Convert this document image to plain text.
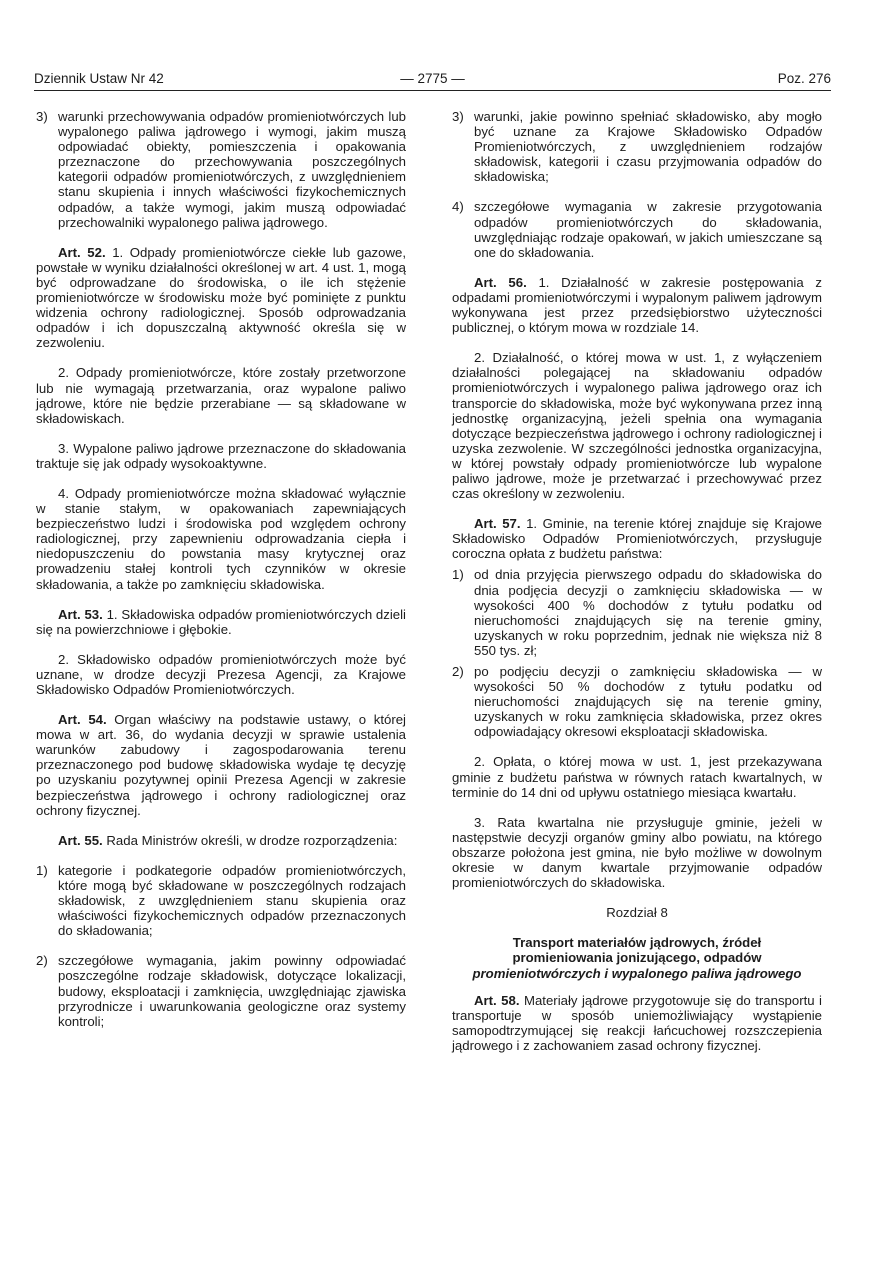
Dziennik Ustaw Nr 42	— 2775 —	Poz. 276
3) warunki przechowywania odpadów promieniotwórczych lub wypalonego paliwa jądrowego i wymogi, jakim muszą odpowiadać obiekty, pomieszczenia i opakowania przeznaczone do przechowywania poszczególnych kategorii odpadów promieniotwórczych, z uwzględnieniem stanu skupienia i innych właściwości fizykochemicznych odpadów, a także wymogi, jakim muszą odpowiadać przechowalniki wypalonego paliwa jądrowego.

Art. 52. 1. Odpady promieniotwórcze ciekłe lub gazowe, powstałe w wyniku działalności określonej w art. 4 ust. 1, mogą być odprowadzane do środowiska, o ile ich stężenie promieniotwórcze w środowisku może być pominięte z punktu widzenia ochrony radiologicznej. Sposób odprowadzania odpadów i ich dopuszczalną aktywność określa się w zezwoleniu.

2. Odpady promieniotwórcze, które zostały przetworzone lub nie wymagają przetwarzania, oraz wypalone paliwo jądrowe, które nie będzie przerabiane — są składowane w składowiskach.

3. Wypalone paliwo jądrowe przeznaczone do składowania traktuje się jak odpady wysokoaktywne.

4. Odpady promieniotwórcze można składować wyłącznie w stanie stałym, w opakowaniach zapewniających bezpieczeństwo ludzi i środowiska pod względem ochrony radiologicznej, przy zapewnieniu odprowadzania ciepła i niedopuszczeniu do powstania masy krytycznej oraz prowadzeniu stałej kontroli tych czynników w okresie składowania, a także po zamknięciu składowiska.

Art. 53. 1. Składowiska odpadów promieniotwórczych dzieli się na powierzchniowe i głębokie.

2. Składowisko odpadów promieniotwórczych może być uznane, w drodze decyzji Prezesa Agencji, za Krajowe Składowisko Odpadów Promieniotwórczych.

Art. 54. Organ właściwy na podstawie ustawy, o której mowa w art. 36, do wydania decyzji w sprawie ustalenia warunków zabudowy i zagospodarowania terenu przeznaczonego pod budowę składowiska wydaje tę decyzję po uzyskaniu pozytywnej opinii Prezesa Agencji w zakresie bezpieczeństwa jądrowego i ochrony radiologicznej oraz ochrony fizycznej.

Art. 55. Rada Ministrów określi, w drodze rozporządzenia:

1) kategorie i podkategorie odpadów promieniotwórczych, które mogą być składowane w poszczególnych rodzajach składowisk, z uwzględnieniem stanu skupienia oraz właściwości fizykochemicznych odpadów przeznaczonych do składowania;
2) szczegółowe wymagania, jakim powinny odpowiadać poszczególne rodzaje składowisk, dotyczące lokalizacji, budowy, eksploatacji i zamknięcia, uwzględniając zjawiska przyrodnicze i uwarunkowania geologiczne oraz systemy kontroli;
3) warunki, jakie powinno spełniać składowisko, aby mogło być uznane za Krajowe Składowisko Odpadów Promieniotwórczych, z uwzględnieniem rodzajów składowisk, kategorii i czasu przyjmowania odpadów do składowiska;
4) szczegółowe wymagania w zakresie przygotowania odpadów promieniotwórczych do składowania, uwzględniając rodzaje opakowań, w jakich umieszczane są one do składowania.

Art. 56. 1. Działalność w zakresie postępowania z odpadami promieniotwórczymi i wypalonym paliwem jądrowym wykonywana jest przez przedsiębiorstwo użyteczności publicznej, o którym mowa w rozdziale 14.

2. Działalność, o której mowa w ust. 1, z wyłączeniem działalności polegającej na składowaniu odpadów promieniotwórczych i wypalonego paliwa jądrowego oraz ich transporcie do składowiska, może być wykonywana przez inną jednostkę organizacyjną, jeżeli spełnia ona wymagania dotyczące bezpieczeństwa jądrowego i ochrony radiologicznej i uzyska zezwolenie. W szczególności jednostka organizacyjna, w której powstały odpady promieniotwórcze lub wypalone paliwo jądrowe, może je przetwarzać i przechowywać przez czas określony w zezwoleniu.

Art. 57. 1. Gminie, na terenie której znajduje się Krajowe Składowisko Odpadów Promieniotwórczych, przysługuje coroczna opłata z budżetu państwa:

1) od dnia przyjęcia pierwszego odpadu do składowiska do dnia podjęcia decyzji o zamknięciu składowiska — w wysokości 400 % dochodów z tytułu podatku od nieruchomości znajdujących się na terenie gminy, uzyskanych w roku poprzednim, jednak nie większa niż 8 550 tys. zł;
2) po podjęciu decyzji o zamknięciu składowiska — w wysokości 50 % dochodów z tytułu podatku od nieruchomości znajdujących się na terenie gminy, uzyskanych w roku zamknięcia składowiska, przez okres odpowiadający okresowi eksploatacji składowiska.

2. Opłata, o której mowa w ust. 1, jest przekazywana gminie z budżetu państwa w równych ratach kwartalnych, w terminie do 14 dni od upływu ostatniego miesiąca kwartału.

3. Rata kwartalna nie przysługuje gminie, jeżeli w następstwie decyzji organów gminy albo powiatu, na którego obszarze położona jest gmina, nie było możliwe w dowolnym okresie w danym kwartale przyjmowanie odpadów promieniotwórczych do składowiska.

Rozdział 8
Transport materiałów jądrowych, źródeł
promieniowania jonizującego, odpadów
promieniotwórczych i wypalonego paliwa jądrowego

Art. 58. Materiały jądrowe przygotowuje się do transportu i transportuje w sposób uniemożliwiający wystąpienie samopodtrzymującej się reakcji łańcuchowej rozszczepienia jądrowego i z zachowaniem zasad ochrony fizycznej.
